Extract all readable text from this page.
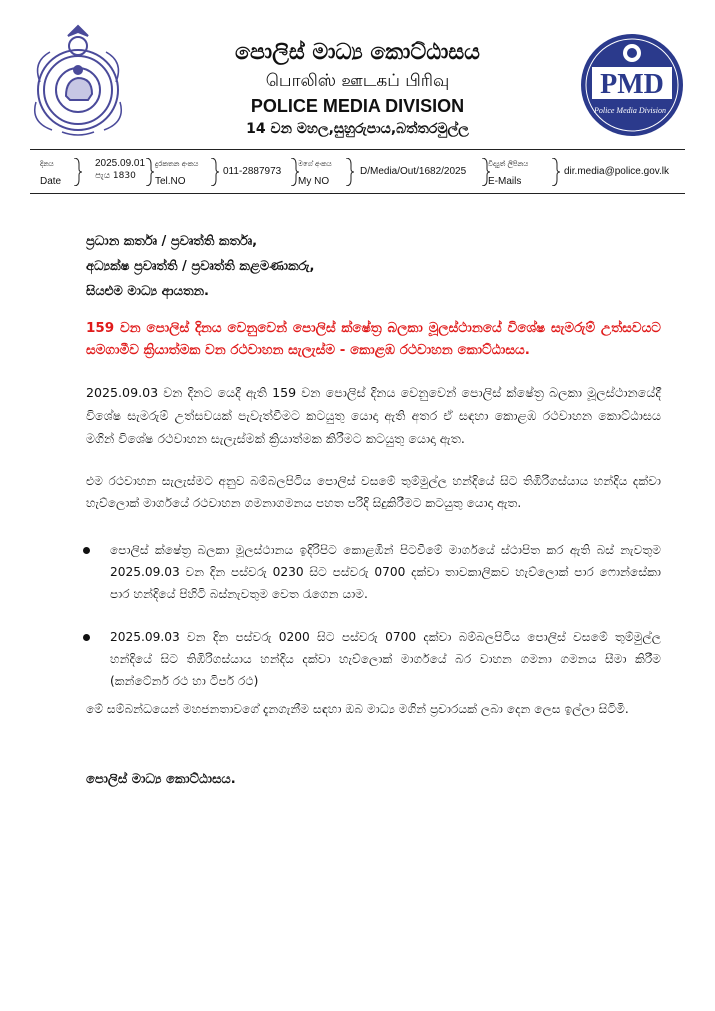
පොලිස් මාධ්‍ය කොට්ඨාසය
பொலிஸ் ஊடகப் பிரிவு
POLICE MEDIA DIVISION
14 වන මහල,සුහුරුපාය,බත්තරමුල්ල
PMD
Police Media Division
දිනය
Date
2025.09.01
පැය 1830
දුරකතන අංකය
Tel.NO
011-2887973
මගේ අංකය
My NO
D/Media/Out/1682/2025
විද්‍යුත් ලිපිනය
E-Mails
dir.media@police.gov.lk
ප්‍රධාන කර්තෘ / ප්‍රවෘත්ති කර්තෘ,
අධ්‍යක්ෂ ප්‍රවෘත්ති / ප්‍රවෘත්ති කළමණාකරු,
සියළුම මාධ්‍ය ආයතන.
159 වන පොලිස් දිනය වෙනුවෙන් පොලිස් ක්ෂේත්‍ර බලකා මූලස්ථානයේ විශේෂ සැමරුම් උත්සවයට සමගාමීව ක්‍රියාත්මක වන රථවාහන සැලැස්ම - කොළඹ රථවාහන කොට්ඨාසය.
2025.09.03 වන දිනට යෙදී ඇති 159 වන පොලිස් දිනය වෙනුවෙන් පොලිස් ක්ෂේත්‍ර බලකා මූලස්ථානයේදී විශේෂ සැමරුම් උත්සවයක් පැවැත්වීමට කටයුතු යොදා ඇති අතර ඒ සඳහා කොළඹ රථවාහන කොට්ඨාසය මගින් විශේෂ රථවාහන සැලැස්මක් ක්‍රියාත්මක කිරීමට කටයුතු යොදා ඇත.
එම රථවාහන සැලැස්මට අනුව බම්බලපිටිය පොලිස් වසමේ තුම්මුල්ල හන්දියේ සිට තිඹිරිගස්යාය හන්දිය දක්වා හැව්ලොක් මාර්ගයේ රථවාහන ගමනාගමනය පහත පරිදි සිදුකිරීමට කටයුතු යොදා ඇත.
පොලිස් ක්ෂේත්‍ර බලකා මූලස්ථානය ඉදිරිපිට කොළඹින් පිටවීමේ මාර්ගයේ ස්ථාපිත කර ඇති බස් නැවතුම 2025.09.03 වන දින පස්වරු 0230 සිට පස්වරු 0700 දක්වා තාවකාලිකව හැව්ලොක් පාර ෆොන්සේකා පාර හන්දියේ පිහිටි බස්නැවතුම වෙත රැගෙන යාම.
2025.09.03 වන දින පස්වරු 0200 සිට පස්වරු 0700 දක්වා බම්බලපිටිය පොලිස් වසමේ තුම්මුල්ල හන්දියේ සිට තිඹිරිගස්යාය හන්දිය දක්වා හැව්ලොක් මාර්ගයේ බර වාහන ගමනා ගමනය සීමා කිරීම (කන්ටේනර් රථ හා ටිපර් රථ)
මේ සම්බන්ධයෙන් මහජනතාවගේ දැනගැනීම සඳහා ඔබ මාධ්‍ය මගින් ප්‍රචාරයක් ලබා දෙන ලෙස ඉල්ලා සිටිමි.
පොලිස් මාධ්‍ය කොට්ඨාසය.
